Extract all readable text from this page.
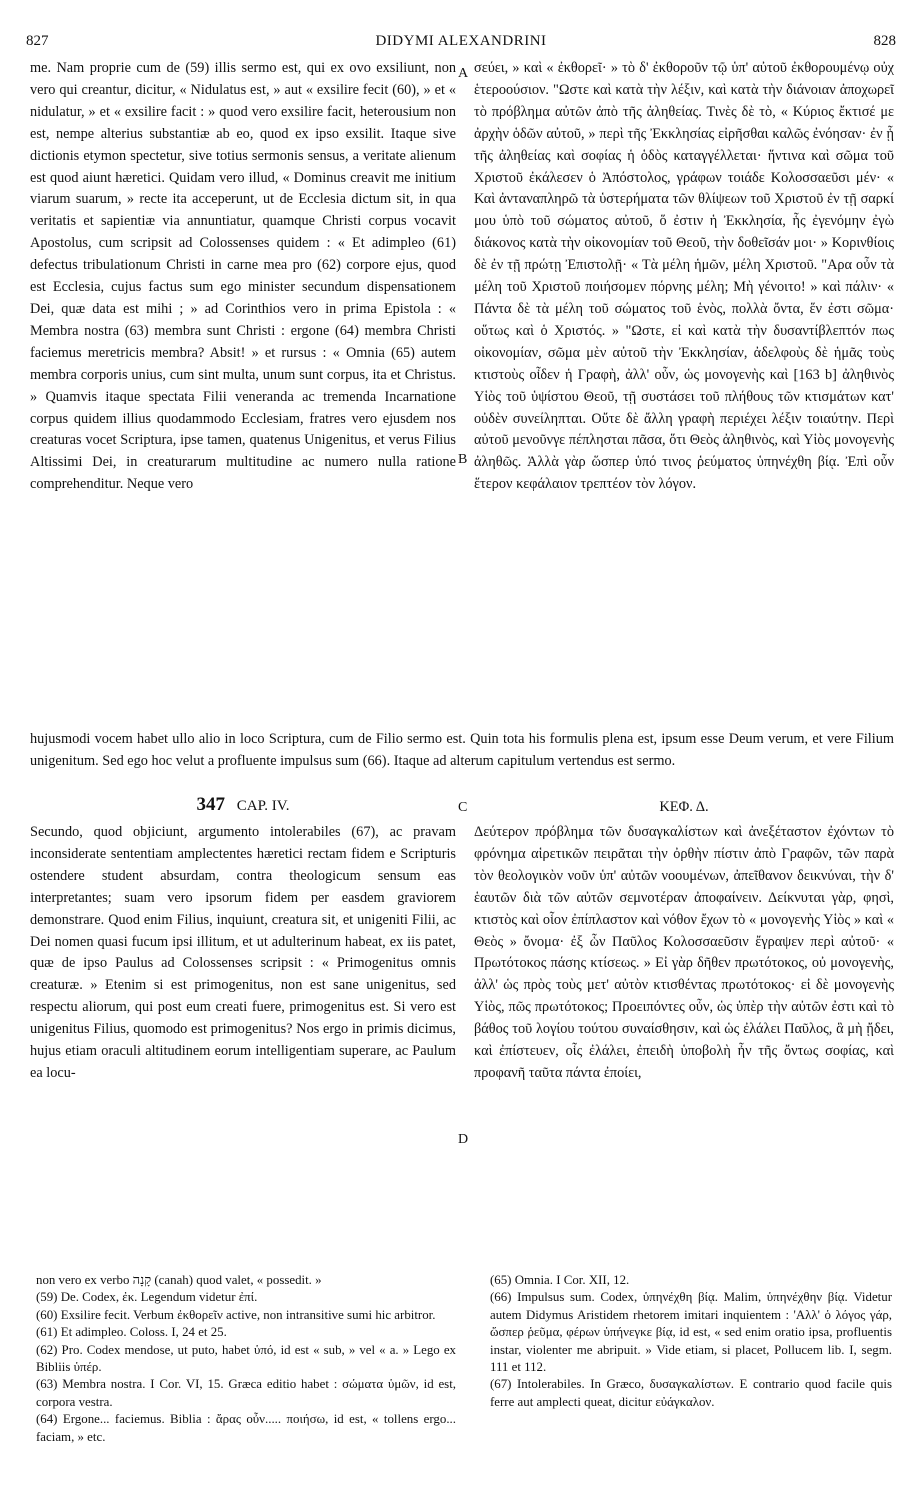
827	DIDYMI ALEXANDRINI	828

me. Nam proprie cum de (59) illis sermo est, qui ex ovo exsiliunt, non vero qui creantur, dicitur, « Nidulatus est, » aut « exsilire fecit (60), » et « nidulatur, » et « exsilire facit : » quod vero exsilire facit, heterousium non est, nempe alterius substantiæ ab eo, quod ex ipso exsilit. Itaque sive dictionis etymon spectetur, sive totius sermonis sensus, a veritate alienum est quod aiunt hæretici. Quidam vero illud, « Dominus creavit me initium viarum suarum, » recte ita acceperunt, ut de Ecclesia dictum sit, in qua veritatis et sapientiæ via annuntiatur, quamque Christi corpus vocavit Apostolus, cum scripsit ad Colossenses quidem : « Et adimpleo (61) defectus tribulationum Christi in carne mea pro (62) corpore ejus, quod est Ecclesia, cujus factus sum ego minister secundum dispensationem Dei, quæ data est mihi ; » ad Corinthios vero in prima Epistola : « Membra nostra (63) membra sunt Christi : ergone (64) membra Christi faciemus meretricis membra? Absit! » et rursus : « Omnia (65) autem membra corporis unius, cum sint multa, unum sunt corpus, ita et Christus. » Quamvis itaque spectata Filii veneranda ac tremenda Incarnatione corpus quidem illius quodammodo Ecclesiam, fratres vero ejusdem nos creaturas vocet Scriptura, ipse tamen, quatenus Unigenitus, et verus Filius Altissimi Dei, in creaturarum multitudine ac numero nulla ratione comprehenditur. Neque vero

σεύει, » καὶ « ἐκθορεῖ· » τὸ δ' ἐκθοροῦν τῷ ὑπ' αὐτοῦ ἐκθορουμένῳ οὐχ ἑτεροούσιον. "Ωστε καὶ κατὰ τὴν λέξιν, καὶ κατὰ τὴν διάνοιαν ἀποχωρεῖ τὸ πρόβλημα αὐτῶν ἀπὸ τῆς ἀληθείας. Τινὲς δὲ τὸ, « Κύριος ἔκτισέ με ἀρχὴν ὁδῶν αὐτοῦ, » περὶ τῆς Ἐκκλησίας εἰρῆσθαι καλῶς ἐνόησαν· ἐν ᾗ τῆς ἀληθείας καὶ σοφίας ἡ ὁδὸς καταγγέλλεται· ἥντινα καὶ σῶμα τοῦ Χριστοῦ ἐκάλεσεν ὁ Ἀπόστολος, γράφων τοιάδε Κολοσσαεῦσι μέν· « Καὶ ἀνταναπληρῶ τὰ ὑστερήματα τῶν θλίψεων τοῦ Χριστοῦ ἐν τῇ σαρκί μου ὑπὸ τοῦ σώματος αὐτοῦ, ὅ ἐστιν ἡ Ἐκκλησία, ἧς ἐγενόμην ἐγὼ διάκονος κατὰ τὴν οἰκονομίαν τοῦ Θεοῦ, τὴν δοθεῖσάν μοι· » Κορινθίοις δὲ ἐν τῇ πρώτῃ Ἐπιστολῇ· « Τὰ μέλη ἡμῶν, μέλη Χριστοῦ. "Αρα οὖν τὰ μέλη τοῦ Χριστοῦ ποιήσομεν πόρνης μέλη; Μὴ γένοιτο! » καὶ πάλιν· « Πάντα δὲ τὰ μέλη τοῦ σώματος τοῦ ἑνὸς, πολλὰ ὄντα, ἕν ἐστι σῶμα· οὕτως καὶ ὁ Χριστός. » "Ωστε, εἰ καὶ κατὰ τὴν δυσαντίβλεπτόν πως οἰκονομίαν, σῶμα μὲν αὐτοῦ τὴν Ἐκκλησίαν, ἀδελφοὺς δὲ ἡμᾶς τοὺς κτιστοὺς οἶδεν ἡ Γραφὴ, ἀλλ' οὖν, ὡς μονογενὴς καὶ [163 b] ἀληθινὸς Υἱὸς τοῦ ὑψίστου Θεοῦ, τῇ συστάσει τοῦ πλήθους τῶν κτισμάτων κατ' οὐδὲν συνείληπται. Οὔτε δὲ ἄλλη γραφὴ περιέχει λέξιν τοιαύτην. Περὶ αὐτοῦ μενοῦνγε πέπλησται πᾶσα, ὅτι Θεὸς ἀληθινὸς, καὶ Υἱὸς μονογενὴς ἀληθῶς. Ἀλλὰ γὰρ ὥσπερ ὑπό τινος ῥεύματος ὑπηνέχθη βίᾳ. Ἐπὶ οὖν ἕτερον κεφάλαιον τρεπτέον τὸν λόγον.

A
B

hujusmodi vocem habet ullo alio in loco Scriptura, cum de Filio sermo est. Quin tota his formulis plena est, ipsum esse Deum verum, et vere Filium unigenitum. Sed ego hoc velut a profluente impulsus sum (66). Itaque ad alterum capitulum vertendus est sermo.

347 CAP. IV.	C	ΚΕΦ. Δ.

Secundo, quod objiciunt, argumento intolerabiles (67), ac pravam inconsiderate sententiam amplectentes hæretici rectam fidem e Scripturis ostendere student absurdam, contra theologicum sensum eas interpretantes; suam vero ipsorum fidem per easdem graviorem demonstrare. Quod enim Filius, inquiunt, creatura sit, et unigeniti Filii, ac Dei nomen quasi fucum ipsi illitum, et ut adulterinum habeat, ex iis patet, quæ de ipso Paulus ad Colossenses scripsit : « Primogenitus omnis creaturæ. » Etenim si est primogenitus, non est sane unigenitus, sed respectu aliorum, qui post eum creati fuere, primogenitus est. Si vero est unigenitus Filius, quomodo est primogenitus? Nos ergo in primis dicimus, hujus etiam oraculi altitudinem eorum intelligentiam superare, ac Paulum ea locu-

Δεύτερον πρόβλημα τῶν δυσαγκαλίστων καὶ ἀνεξέταστον ἐχόντων τὸ φρόνημα αἱρετικῶν πειρᾶται τὴν ὀρθὴν πίστιν ἀπὸ Γραφῶν, τῶν παρὰ τὸν θεολογικὸν νοῦν ὑπ' αὐτῶν νοουμένων, ἀπεῖθανον δεικνύναι, τὴν δ' ἑαυτῶν διὰ τῶν αὐτῶν σεμνοτέραν ἀποφαίνειν. Δείκνυται γὰρ, φησὶ, κτιστὸς καὶ οἷον ἐπίπλαστον καὶ νόθον ἔχων τὸ « μονογενὴς Υἱὸς » καὶ « Θεὸς » ὄνομα· ἐξ ὧν Παῦλος Κολοσσαεῦσιν ἔγραψεν περὶ αὐτοῦ· « Πρωτότοκος πάσης κτίσεως. » Εἰ γὰρ δῆθεν πρωτότοκος, οὐ μονογενὴς, ἀλλ' ὡς πρὸς τοὺς μετ' αὐτὸν κτισθέντας πρωτότοκος· εἰ δὲ μονογενὴς Υἱὸς, πῶς πρωτότοκος; Προειπόντες οὖν, ὡς ὑπὲρ τὴν αὐτῶν ἐστι καὶ τὸ βάθος τοῦ λογίου τούτου συναίσθησιν, καὶ ὡς ἐλάλει Παῦλος, ἃ μὴ ᾔδει, καὶ ἐπίστευεν, οἷς ἐλάλει, ἐπειδὴ ὑποβολὴ ἦν τῆς ὄντως σοφίας, καὶ προφανῆ ταῦτα πάντα ἐποίει,

D

non vero ex verbo קָנָה (canah) quod valet, « possedit. »

(59) De. Codex, ἐκ. Legendum videtur ἐπί.

(60) Exsilire fecit. Verbum ἐκθορεῖν active, non intransitive sumi hic arbitror.

(61) Et adimpleo. Coloss. I, 24 et 25.

(62) Pro. Codex mendose, ut puto, habet ὑπό, id est « sub, » vel « a. » Lego ex Bibliis ὑπέρ.

(63) Membra nostra. I Cor. VI, 15. Græca editio habet : σώματα ὑμῶν, id est, corpora vestra.

(64) Ergone... faciemus. Biblia : ἄρας οὖν..... ποιήσω, id est, « tollens ergo... faciam, » etc.

(65) Omnia. I Cor. XII, 12.

(66) Impulsus sum. Codex, ὑπηνέχθη βίᾳ. Malim, ὑπηνέχθην βίᾳ. Videtur autem Didymus Aristidem rhetorem imitari inquientem : 'Αλλ' ὁ λόγος γάρ, ὥσπερ ῥεῦμα, φέρων ὑπήνεγκε βίᾳ, id est, « sed enim oratio ipsa, profluentis instar, violenter me abripuit. » Vide etiam, si placet, Pollucem lib. I, segm. 111 et 112.

(67) Intolerabiles. In Græco, δυσαγκαλίστων. E contrario quod facile quis ferre aut amplecti queat, dicitur εὐάγκαλον.
